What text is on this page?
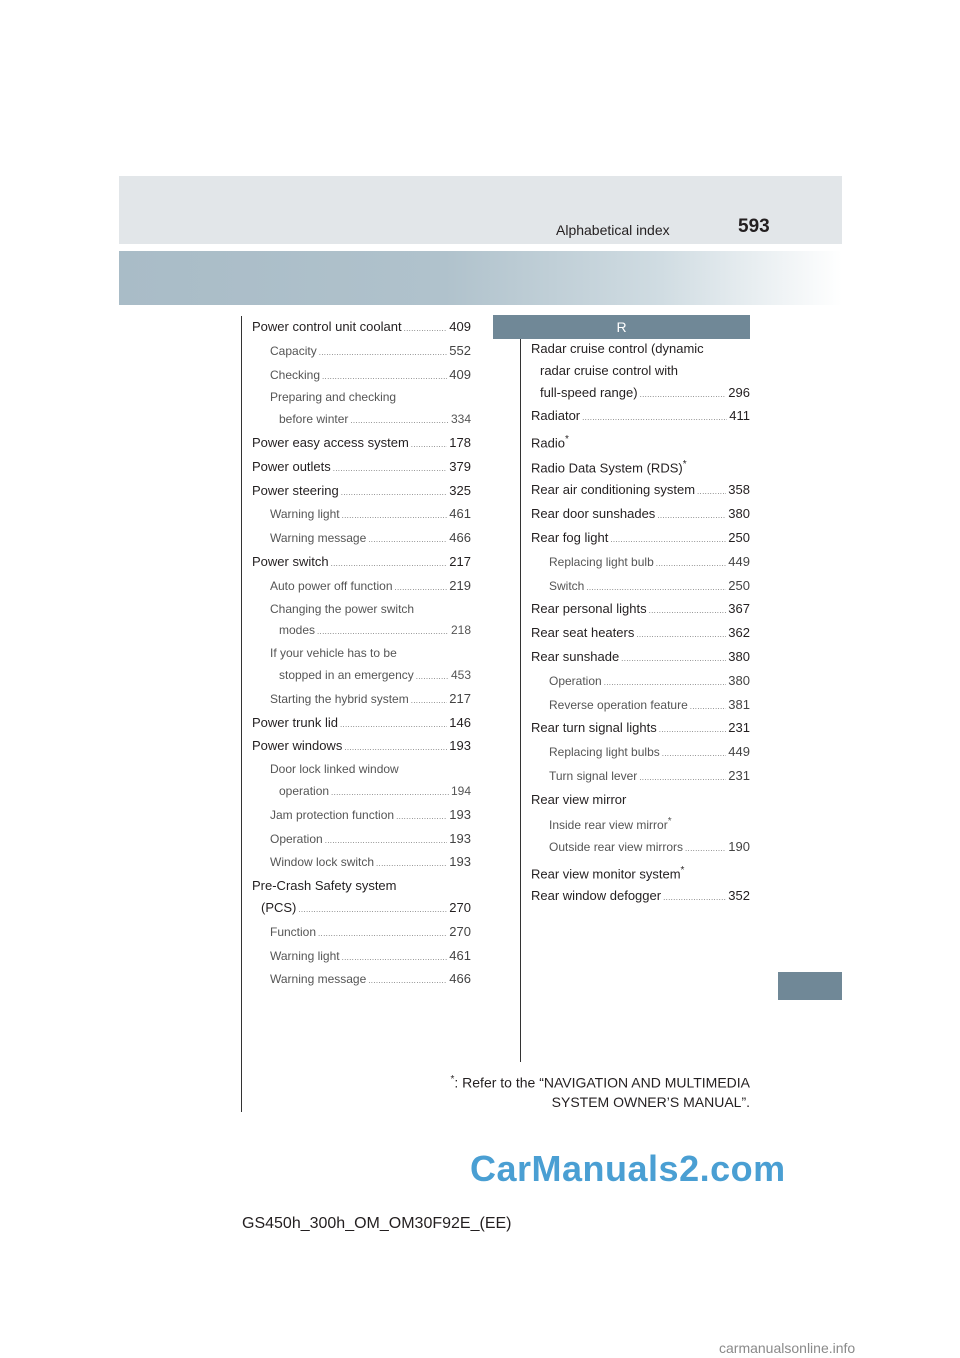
Alphabetical index	593
Power control unit coolant .....	409
Capacity .....	552
Checking .....	409
Preparing and checking
before winter .....	334
Power easy access system .....	178
Power outlets .....	379
Power steering .....	325
Warning light .....	461
Warning message .....	466
Power switch .....	217
Auto power off function .....	219
Changing the power switch
modes .....	218
If your vehicle has to be
stopped in an emergency .....	453
Starting the hybrid system .....	217
Power trunk lid .....	146
Power windows .....	193
Door lock linked window
operation .....	194
Jam protection function .....	193
Operation .....	193
Window lock switch .....	193
Pre-Crash Safety system
(PCS) .....	270
Function .....	270
Warning light .....	461
Warning message .....	466
R
Radar cruise control (dynamic
radar cruise control with
full-speed range) .....	296
Radiator .....	411
Radio*
Radio Data System (RDS)*
Rear air conditioning system .....	358
Rear door sunshades .....	380
Rear fog light .....	250
Replacing light bulb .....	449
Switch .....	250
Rear personal lights .....	367
Rear seat heaters .....	362
Rear sunshade .....	380
Operation .....	380
Reverse operation feature .....	381
Rear turn signal lights .....	231
Replacing light bulbs .....	449
Turn signal lever .....	231
Rear view mirror
Inside rear view mirror*
Outside rear view mirrors .....	190
Rear view monitor system*
Rear window defogger .....	352
*: Refer to the “NAVIGATION AND MULTIMEDIA
SYSTEM OWNER’S MANUAL”.
GS450h_300h_OM_OM30F92E_(EE)
CarManuals2.com
carmanualsonline.info
